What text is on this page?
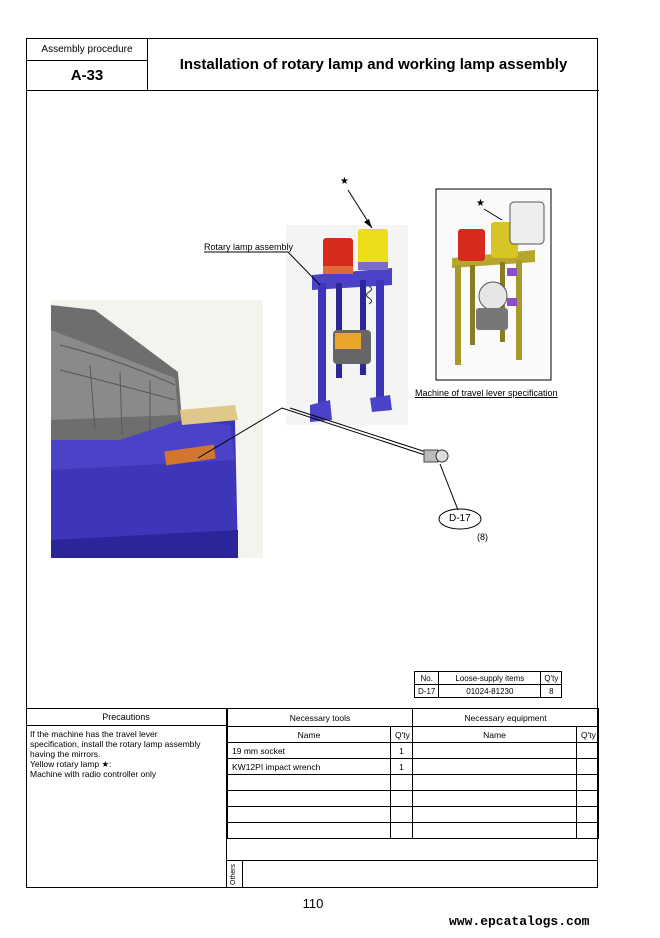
Assembly procedure
A-33
Installation of rotary lamp and working lamp assembly
★
★
Rotary lamp assembly
Machine of travel lever specification
D-17
(8)
No.	Loose-supply items	Q'ty
D-17	01024-81230	8
Precautions
If the machine has the travel lever
specification, install the rotary lamp assembly
having the mirrors.
Yellow rotary lamp ★:
Machine with radio controller only
Necessary tools		Necessary equipment	
Name	Q'ty	Name	Q'ty
19 mm socket	1		
KW12PI impact wrench	1		

Others
110
www.epcatalogs.com
